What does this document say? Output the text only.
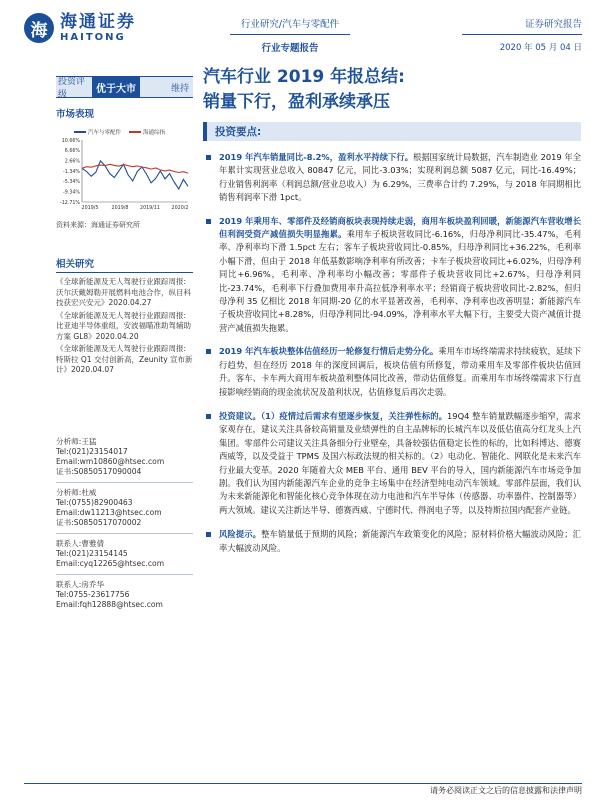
海 海通证券
HAITONG
行业研究/汽车与零配件
行业专题报告
证券研究报告
2020 年 05 月 04 日
投资评级
优于大市	维持
市场表现
汽车与零配件	海通综指
10.66%
6.66%
2.66%
-1.34%
-5.34%
-9.34%
-12.71%
2019/5	2019/8 2019/11 2020/2
资料来源：海通证券研究所
相关研究
《全球新能源及无人驾驶行业跟踪周报:沃尔沃戴姆勒开展燃料电池合作，纵目科技获宏兴安元》2020.04.27
《全球新能源及无人驾驶行业跟踪周报:比亚迪半导体重组，安波福瞄准助驾辅助方案 GL8》2020.04.20
《全球新能源及无人驾驶行业跟踪周报:特斯拉 Q1 交付创新高，Zeunity 宣布新计》2020.04.07
分析师:王猛
Tel:(021)23154017
Email:wm10860@htsec.com
证书:S0850517090004
分析师:杜威
Tel:(0755)82900463
Email:dw11213@htsec.com
证书:S0850517070002
联系人:曹雅倩
Tel:(021)23154145
Email:cyq12265@htsec.com
联系人:房乔华
Tel:0755-23617756
Email:fqh12888@htsec.com
汽车行业 2019 年报总结:
销量下行，盈利承续承压
投资要点:
2019 年汽车销量同比-8.2%，盈利水平持续下行。根据国家统计局数据，汽车制造业 2019 年全年累计实现营业总收入 80847 亿元，同比-3.03%；实现利润总额 5087 亿元，同比-16.49%；行业销售利润率（利润总额/营业总收入）为 6.29%，三费率合计约 7.29%，与 2018 年同期相比销售利润率下滑 1pct。
2019 年乘用车、零部件及经销商板块表现持续走弱，商用车板块盈利回暖，新能源汽车营收增长但利润受资产减值损失明显拖累。乘用车子板块营收同比-6.16%，归母净利同比-35.47%，毛利率、净利率均下滑 1.5pct 左右；客车子板块营收同比-0.85%，归母净利同比+36.22%，毛利率小幅下滑，但由于 2018 年低基数影响净利率有所改善；卡车子板块营收同比+6.02%，归母净利同比+6.96%，毛利率、净利率均小幅改善；零部件子板块营收同比+2.67%，归母净利同比-23.74%，毛利率下行叠加费用率升高拉低净利率水平；经销商子板块营收同比-2.82%，但归母净利 35 亿相比 2018 年同期-20 亿的水平显著改善，毛利率、净利率也改善明显；新能源汽车子板块营收同比+8.28%，归母净利同比-94.09%，净利率水平大幅下行，主要受大资产减值计提营产减值损失拖累。
2019 年汽车板块整体估值经历一轮修复行情后走势分化。乘用车市场终端需求持续疲软，延续下行趋势，但在经历 2018 年的深度回调后，板块估值有所修复，带动乘用车及零部件板块估值回升。客车、卡车两大商用车板块盈利整体同比改善，带动估值修复。而乘用车市场终端需求下行直接影响经销商的现金流状况及盈利状况，估值修复后再次走弱。
投资建议。（1）疫情过后需求有望逐步恢复，关注弹性标的。19Q4 整车销量跌幅逐步缩窄，需求家观存在，建议关注具备较高销量及业绩弹性的自主品牌标的长城汽车以及低估值高分红龙头上汽集团。零部件公司建议关注具备细分行业壁垒，具备较强估值稳定长性的标的，比如科博达、德赛西威等，以及受益于 TPMS 及国六标政法规的相关标的。（2）电动化、智能化、网联化是未来汽车行业最大变革。2020 年随着大众 MEB 平台、通用 BEV 平台的导入，国内新能源汽车市场竞争加剧。我们认为国内新能源汽车企业的竞争主场集中在经济型纯电动汽车领域。零部件层面，我们认为未来新能源化和智能化核心竞争体现在动力电池和汽车半导体（传感器、功率器件、控制器等）两大领域。建议关注新达半导、德赛西威、宁德时代、得润电子等，以及特斯拉国内配套产业链。
风险提示。整车销量低于预期的风险；新能源汽车政策变化的风险；原材料价格大幅波动风险；汇率大幅波动风险。
请务必阅读正文之后的信息披露和法律声明
